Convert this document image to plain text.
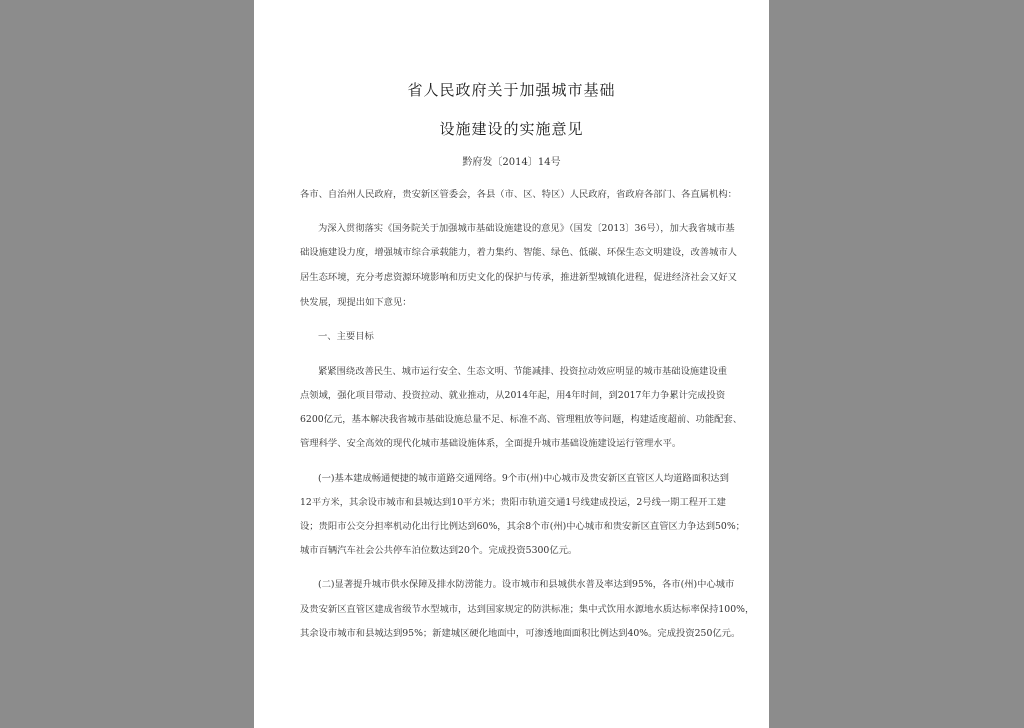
省人民政府关于加强城市基础
设施建设的实施意见
黔府发〔2014〕14号
各市、自治州人民政府，贵安新区管委会，各县（市、区、特区）人民政府，省政府各部门、各直属机构：
为深入贯彻落实《国务院关于加强城市基础设施建设的意见》（国发〔2013〕36号），加大我省城市基
础设施建设力度，增强城市综合承载能力，着力集约、智能、绿色、低碳、环保生态文明建设，改善城市人
居生态环境，充分考虑资源环境影响和历史文化的保护与传承，推进新型城镇化进程，促进经济社会又好又
快发展，现提出如下意见：
一、主要目标
紧紧围绕改善民生、城市运行安全、生态文明、节能减排、投资拉动效应明显的城市基础设施建设重
点领域，强化项目带动、投资拉动、就业推动，从2014年起，用4年时间，到2017年力争累计完成投资
6200亿元，基本解决我省城市基础设施总量不足、标准不高、管理粗放等问题，构建适度超前、功能配套、
管理科学、安全高效的现代化城市基础设施体系，全面提升城市基础设施建设运行管理水平。
(一)基本建成畅通便捷的城市道路交通网络。9个市(州)中心城市及贵安新区直管区人均道路面积达到
12平方米，其余设市城市和县城达到10平方米；贵阳市轨道交通1号线建成投运，2号线一期工程开工建
设；贵阳市公交分担率机动化出行比例达到60%，其余8个市(州)中心城市和贵安新区直管区力争达到50%；
城市百辆汽车社会公共停车泊位数达到20个。完成投资5300亿元。
(二)显著提升城市供水保障及排水防涝能力。设市城市和县城供水普及率达到95%，各市(州)中心城市
及贵安新区直管区建成省级节水型城市，达到国家规定的防洪标准；集中式饮用水源地水质达标率保持100%，
其余设市城市和县城达到95%；新建城区硬化地面中，可渗透地面面积比例达到40%。完成投资250亿元。
